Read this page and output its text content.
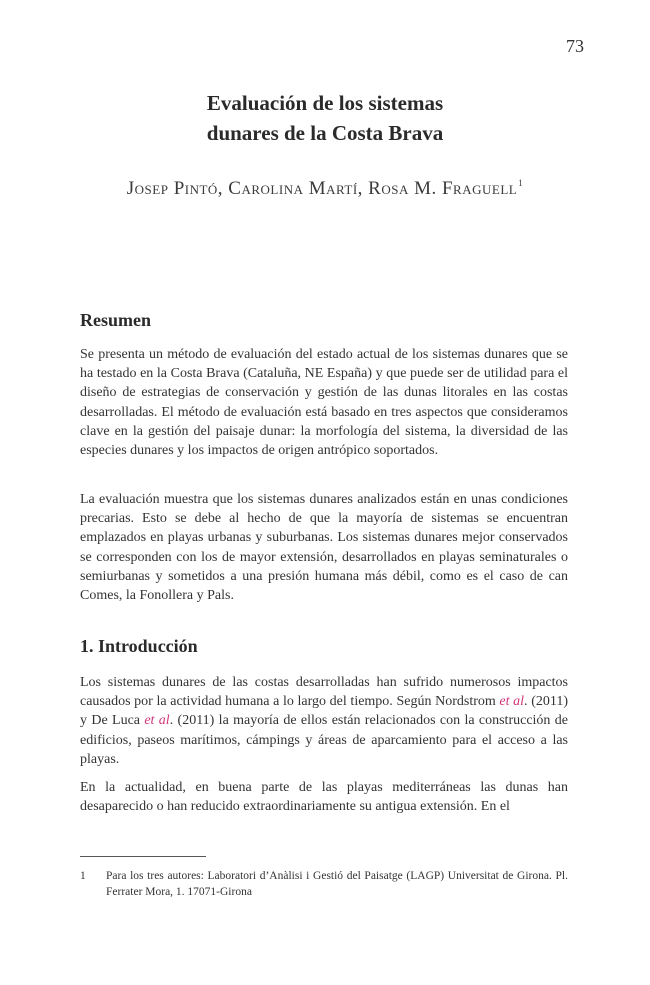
73
Evaluación de los sistemas
dunares de la Costa Brava
Josep Pintó, Carolina Martí, Rosa M. Fraguell$^1$
Resumen

Se presenta un método de evaluación del estado actual de los sistemas dunares que se ha testado en la Costa Brava (Cataluña, NE España) y que puede ser de utilidad para el diseño de estrategias de conservación y gestión de las dunas litorales en las costas desarrolladas. El método de evaluación está basado en tres aspectos que consideramos clave en la gestión del paisaje dunar: la morfología del sistema, la diversidad de las especies dunares y los impactos de origen antrópico soportados.

La evaluación muestra que los sistemas dunares analizados están en unas condiciones precarias. Esto se debe al hecho de que la mayoría de sistemas se encuentran emplazados en playas urbanas y suburbanas. Los sistemas dunares mejor conservados se corresponden con los de mayor extensión, desarrollados en playas seminaturales o semiurbanas y sometidos a una presión humana más débil, como es el caso de can Comes, la Fonollera y Pals.

1. Introducción

Los sistemas dunares de las costas desarrolladas han sufrido numerosos impactos causados por la actividad humana a lo largo del tiempo. Según Nordstrom et al. (2011) y De Luca et al. (2011) la mayoría de ellos están relacionados con la construcción de edificios, paseos marítimos, cámpings y áreas de aparcamiento para el acceso a las playas.

En la actualidad, en buena parte de las playas mediterráneas las dunas han desaparecido o han reducido extraordinariamente su antigua extensión. En el

1	Para los tres autores: Laboratori d’Anàlisi i Gestió del Paisatge (LAGP) Universitat de Girona. Pl. Ferrater Mora, 1. 17071-Girona
